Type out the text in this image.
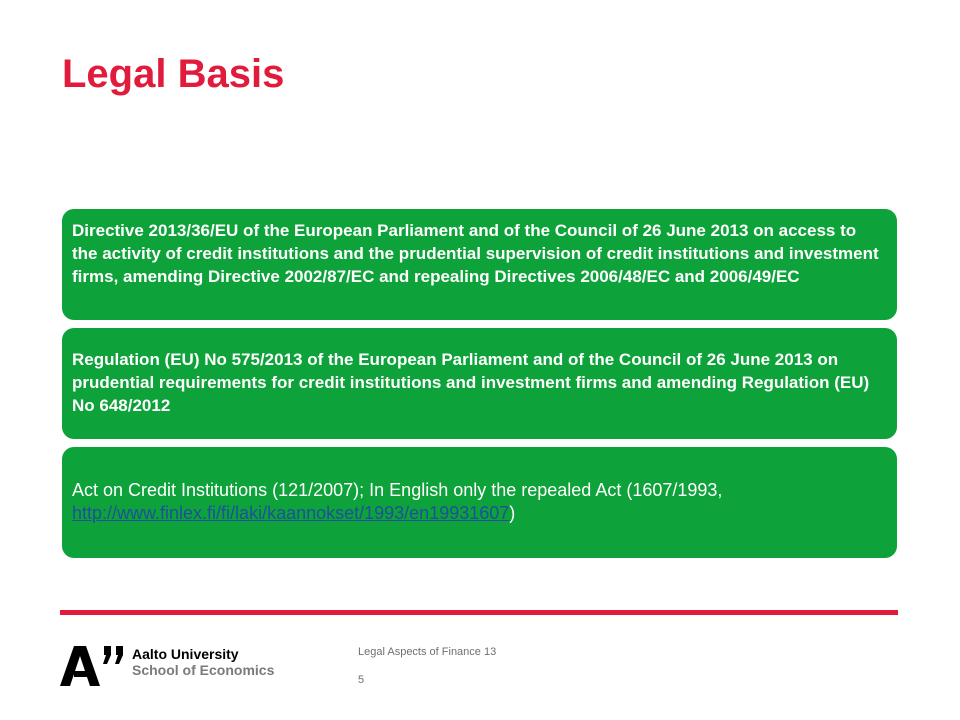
Legal Basis
Directive 2013/36/EU of the European Parliament and of the Council of 26 June 2013 on access to the activity of credit institutions and the prudential supervision of credit institutions and investment firms, amending Directive 2002/87/EC and repealing Directives 2006/48/EC and 2006/49/EC
Regulation (EU) No 575/2013 of the European Parliament and of the Council of 26 June 2013 on prudential requirements for credit institutions and investment firms and amending Regulation (EU) No 648/2012
Act on Credit Institutions (121/2007); In English only the repealed Act (1607/1993, http://www.finlex.fi/fi/laki/kaannokset/1993/en19931607)
Aalto University
School of Economics
Legal Aspects of Finance 13
5
